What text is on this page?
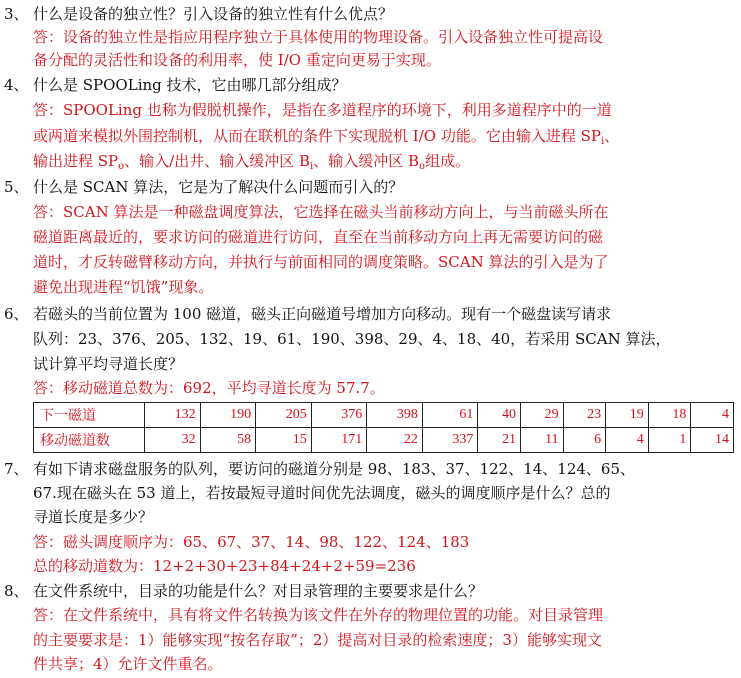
3、 什么是设备的独立性？引入设备的独立性有什么优点？
答：设备的独立性是指应用程序独立于具体使用的物理设备。引入设备独立性可提高设
备分配的灵活性和设备的利用率，使 I/O 重定向更易于实现。
4、 什么是 SPOOLing 技术，它由哪几部分组成？
答：SPOOLing 也称为假脱机操作，是指在多道程序的环境下，利用多道程序中的一道
或两道来模拟外围控制机，从而在联机的条件下实现脱机 I/O 功能。它由输入进程 $SP_i$、
输出进程 $SP_o$、输入/出井、输入缓冲区 $B_i$、输入缓冲区 $B_o$组成。
5、 什么是 SCAN 算法，它是为了解决什么问题而引入的？
答：SCAN 算法是一种磁盘调度算法，它选择在磁头当前移动方向上，与当前磁头所在
磁道距离最近的，要求访问的磁道进行访问，直至在当前移动方向上再无需要访问的磁
道时，才反转磁臂移动方向，并执行与前面相同的调度策略。SCAN 算法的引入是为了
避免出现进程“饥饿”现象。
6、 若磁头的当前位置为 100 磁道，磁头正向磁道号增加方向移动。现有一个磁盘读写请求
队列：23、376、205、132、19、61、190、398、29、4、18、40，若采用 SCAN 算法，
试计算平均寻道长度？
答：移动磁道总数为：692，平均寻道长度为 57.7。
下一磁道	132	190	205	376	398	61	40	29	23	19	18	4
移动磁道数	32	58	15	171	22	337	21	11	6	4	1	14
7、 有如下请求磁盘服务的队列，要访问的磁道分别是 98、183、37、122、14、124、65、
67.现在磁头在 53 道上，若按最短寻道时间优先法调度，磁头的调度顺序是什么？总的
寻道长度是多少？
答：磁头调度顺序为：65、67、37、14、98、122、124、183
总的移动道数为：12+2+30+23+84+24+2+59=236
8、 在文件系统中，目录的功能是什么？对目录管理的主要要求是什么？
答：在文件系统中，具有将文件名转换为该文件在外存的物理位置的功能。对目录管理
的主要要求是：1）能够实现“按名存取”；2）提高对目录的检索速度；3）能够实现文
件共享；4）允许文件重名。
